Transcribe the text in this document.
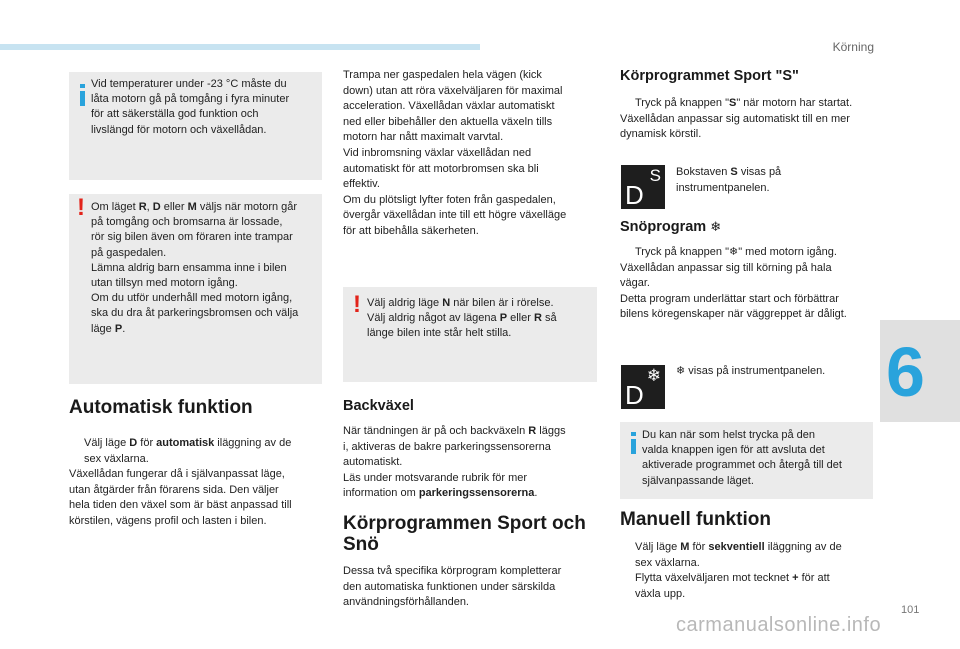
Körning
6

Vid temperaturer under -23 °C måste du

låta motorn gå på tomgång i fyra minuter

för att säkerställa god funktion och

livslängd för motorn och växellådan.

! Om läget R, D eller M väljs när motorn går

på tomgång och bromsarna är lossade,

rör sig bilen även om föraren inte trampar

på gaspedalen.

Lämna aldrig barn ensamma inne i bilen

utan tillsyn med motorn igång.

Om du utför underhåll med motorn igång,

ska du dra åt parkeringsbromsen och välja

läge P.

Automatisk funktion

Välj läge D för automatisk iläggning av de

sex växlarna.

Växellådan fungerar då i självanpassat läge,

utan åtgärder från förarens sida. Den väljer

hela tiden den växel som är bäst anpassad till

körstilen, vägens profil och lasten i bilen.

Trampa ner gaspedalen hela vägen (kick

down) utan att röra växelväljaren för maximal

acceleration. Växellådan växlar automatiskt

ned eller bibehåller den aktuella växeln tills

motorn har nått maximalt varvtal.

Vid inbromsning växlar växellådan ned

automatiskt för att motorbromsen ska bli

effektiv.

Om du plötsligt lyfter foten från gaspedalen,

övergår växellådan inte till ett högre växelläge

för att bibehålla säkerheten.

! Välj aldrig läge N när bilen är i rörelse.

Välj aldrig något av lägena P eller R så

länge bilen inte står helt stilla.

Backväxel

När tändningen är på och backväxeln R läggs

i, aktiveras de bakre parkeringssensorerna

automatiskt.

Läs under motsvarande rubrik för mer

information om parkeringssensorerna.

Körprogrammen Sport och
Snö

Dessa två specifika körprogram kompletterar

den automatiska funktionen under särskilda

användningsförhållanden.

Körprogrammet Sport "S"

Tryck på knappen "S" när motorn har startat.

Växellådan anpassar sig automatiskt till en mer

dynamisk körstil.

D
S Bokstaven S visas på

instrumentpanelen.

Snöprogram ❄

Tryck på knappen "❄" med motorn igång.

Växellådan anpassar sig till körning på hala

vägar.

Detta program underlättar start och förbättrar

bilens köregenskaper när väggreppet är dåligt.

D
❄ ❄ visas på instrumentpanelen.

Du kan när som helst trycka på den

valda knappen igen för att avsluta det

aktiverade programmet och återgå till det

självanpassande läget.

Manuell funktion

Välj läge M för sekventiell iläggning av de

sex växlarna.

Flytta växelväljaren mot tecknet + för att

växla upp.

101
carmanualsonline.info
